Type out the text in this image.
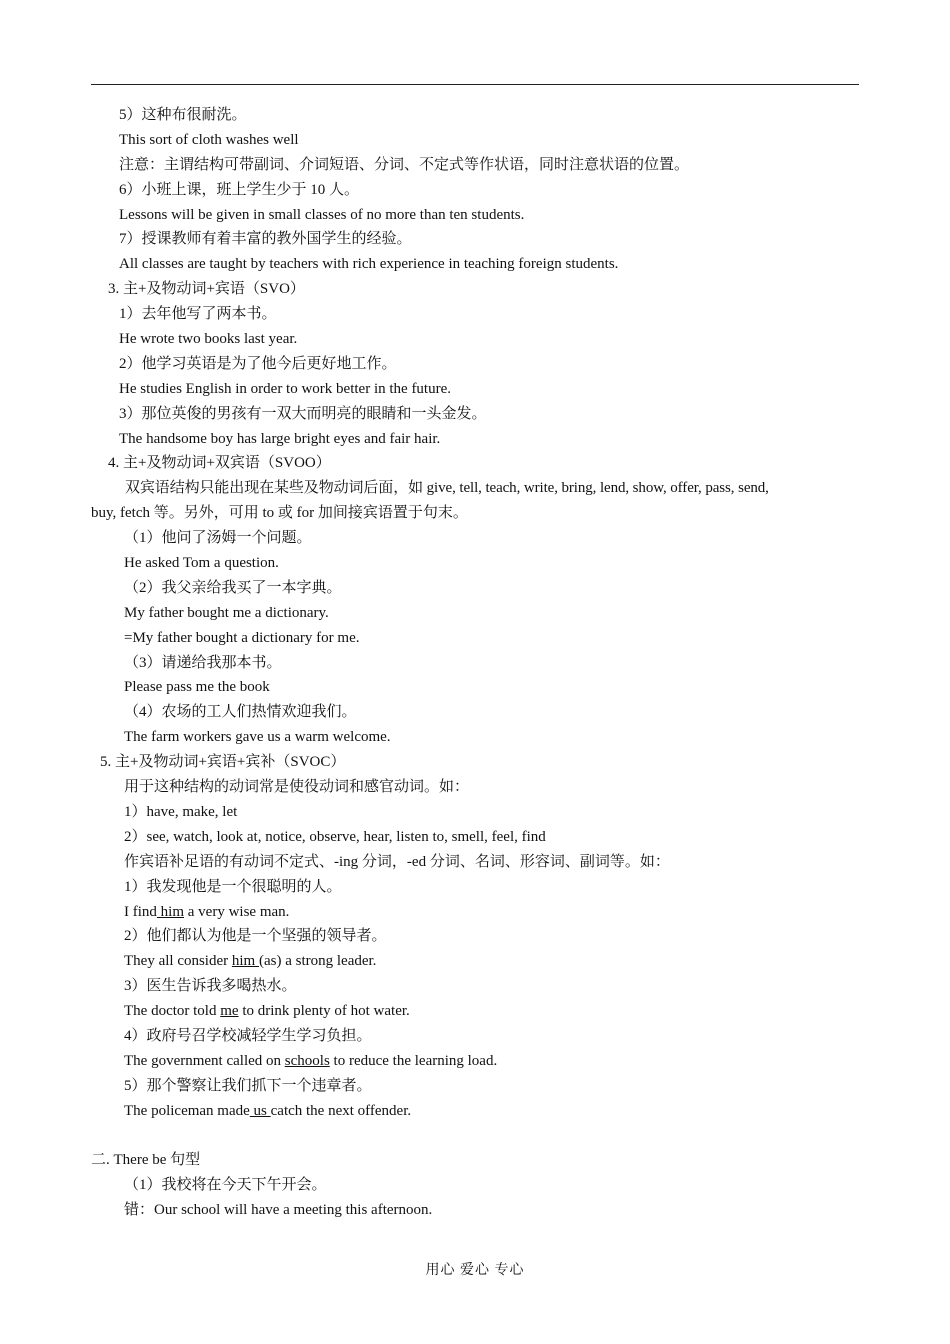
5）这种布很耐洗。
This sort of cloth washes well
注意：主谓结构可带副词、介词短语、分词、不定式等作状语，同时注意状语的位置。
6）小班上课，班上学生少于 10 人。
Lessons will be given in small classes of no more than ten students.
7）授课教师有着丰富的教外国学生的经验。
All classes are taught by teachers with rich experience in teaching foreign students.
3. 主+及物动词+宾语（SVO）
1）去年他写了两本书。
He wrote two books last year.
2）他学习英语是为了他今后更好地工作。
He studies English in order to work better in the future.
3）那位英俊的男孩有一双大而明亮的眼睛和一头金发。
The handsome boy has large bright eyes and fair hair.
4. 主+及物动词+双宾语（SVOO）
双宾语结构只能出现在某些及物动词后面，如 give, tell, teach, write, bring, lend, show, offer, pass, send,
buy, fetch 等。另外，可用 to 或 for 加间接宾语置于句末。
（1）他问了汤姆一个问题。
He asked Tom a question.
（2）我父亲给我买了一本字典。
My father bought me a dictionary.
=My father bought a dictionary for me.
（3）请递给我那本书。
Please pass me the book
（4）农场的工人们热情欢迎我们。
The farm workers gave us a warm welcome.
5. 主+及物动词+宾语+宾补（SVOC）
用于这种结构的动词常是使役动词和感官动词。如：
1）have, make, let
2）see, watch, look at, notice, observe, hear, listen to, smell, feel, find
作宾语补足语的有动词不定式、-ing 分词，-ed 分词、名词、形容词、副词等。如：
1）我发现他是一个很聪明的人。
I find him a very wise man.
2）他们都认为他是一个坚强的领导者。
They all consider him (as) a strong leader.
3）医生告诉我多喝热水。
The doctor told me to drink plenty of hot water.
4）政府号召学校减轻学生学习负担。
The government called on schools to reduce the learning load.
5）那个警察让我们抓下一个违章者。
The policeman made us catch the next offender.
二. There be 句型
（1）我校将在今天下午开会。
错：Our school will have a meeting this afternoon.
用心 爱心 专心
